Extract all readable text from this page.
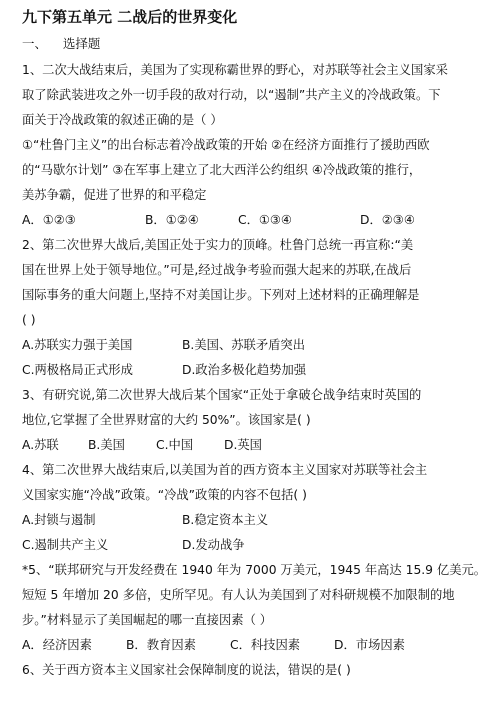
九下第五单元 二战后的世界变化
一、    选择题
1、二次大战结束后，美国为了实现称霸世界的野心，对苏联等社会主义国家采
取了除武装进攻之外一切手段的敌对行动，以“遏制”共产主义的冷战政策。下
面关于冷战政策的叙述正确的是（ ）
①“杜鲁门主义”的出台标志着冷战政策的开始 ②在经济方面推行了援助西欧
的“马歇尔计划” ③在军事上建立了北大西洋公约组织 ④冷战政策的推行，
美苏争霸，促进了世界的和平稳定
A．①②③	B．①②④	C．①③④	D．②③④
2、第二次世界大战后,美国正处于实力的顶峰。杜鲁门总统一再宣称:“美
国在世界上处于领导地位。”可是,经过战争考验而强大起来的苏联,在战后
国际事务的重大问题上,坚持不对美国让步。下列对上述材料的正确理解是
( )
A.苏联实力强于美国	B.美国、苏联矛盾突出
C.两极格局正式形成	D.政治多极化趋势加强
3、有研究说,第二次世界大战后某个国家“正处于拿破仑战争结束时英国的
地位,它掌握了全世界财富的大约 50%”。该国家是( )
A.苏联	B.美国	C.中国	D.英国
4、第二次世界大战结束后,以美国为首的西方资本主义国家对苏联等社会主
义国家实施“冷战”政策。“冷战”政策的内容不包括( )
A.封锁与遏制	B.稳定资本主义
C.遏制共产主义	D.发动战争
*5、“联邦研究与开发经费在 1940 年为 7000 万美元，1945 年高达 15.9 亿美元。
短短 5 年增加 20 多倍，史所罕见。有人认为美国到了对科研规模不加限制的地
步。”材料显示了美国崛起的哪一直接因素（ ）
A．经济因素	B．教育因素	C．科技因素	D．市场因素
6、关于西方资本主义国家社会保障制度的说法，错误的是( )
